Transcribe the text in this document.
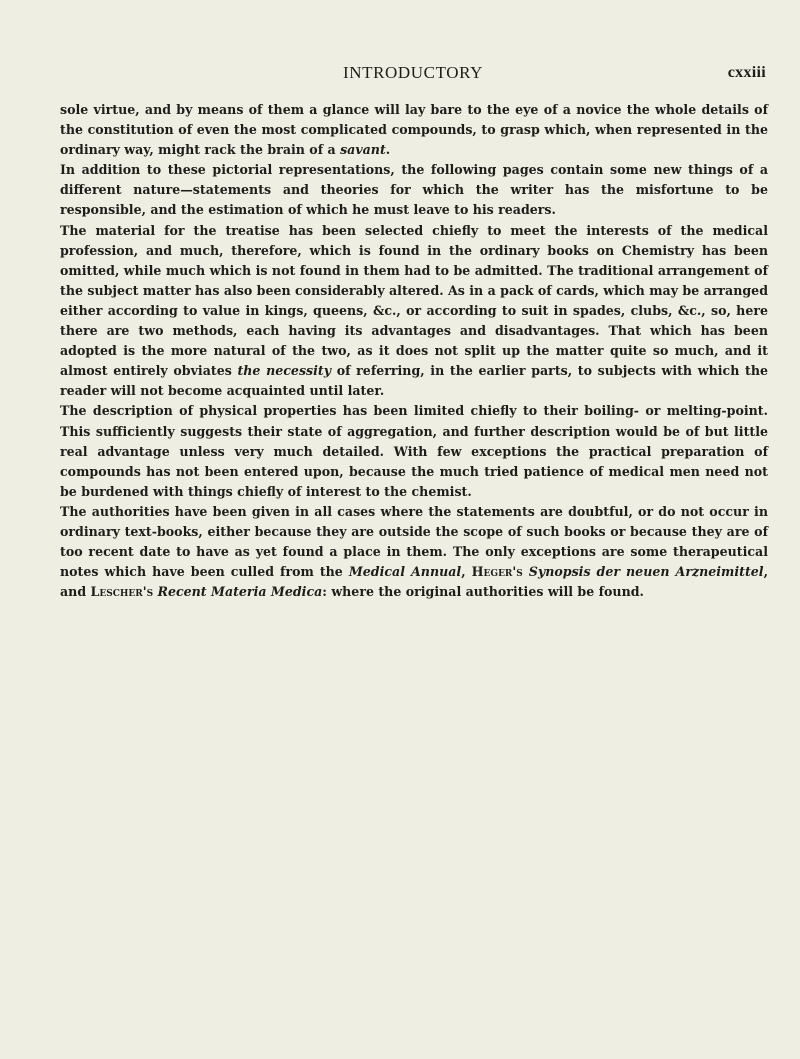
INTRODUCTORY	cxxiii

sole virtue, and by means of them a glance will lay bare to the eye of a novice the whole details of the constitution of even the most complicated compounds, to grasp which, when represented in the ordinary way, might rack the brain of a savant.

In addition to these pictorial representations, the following pages contain some new things of a different nature—statements and theories for which the writer has the misfortune to be responsible, and the estimation of which he must leave to his readers.

The material for the treatise has been selected chiefly to meet the interests of the medical profession, and much, therefore, which is found in the ordinary books on Chemistry has been omitted, while much which is not found in them had to be admitted. The traditional arrangement of the subject matter has also been considerably altered. As in a pack of cards, which may be arranged either according to value in kings, queens, &c., or according to suit in spades, clubs, &c., so, here there are two methods, each having its advantages and disadvantages. That which has been adopted is the more natural of the two, as it does not split up the matter quite so much, and it almost entirely obviates the necessity of referring, in the earlier parts, to subjects with which the reader will not become acquainted until later.

The description of physical properties has been limited chiefly to their boiling- or melting-point. This sufficiently suggests their state of aggregation, and further description would be of but little real advantage unless very much detailed. With few exceptions the practical preparation of compounds has not been entered upon, because the much tried patience of medical men need not be burdened with things chiefly of interest to the chemist.

The authorities have been given in all cases where the statements are doubtful, or do not occur in ordinary text-books, either because they are outside the scope of such books or because they are of too recent date to have as yet found a place in them. The only exceptions are some therapeutical notes which have been culled from the Medical Annual, Heger's Synopsis der neuen Arzneimittel, and Lescher's Recent Materia Medica: where the original authorities will be found.
